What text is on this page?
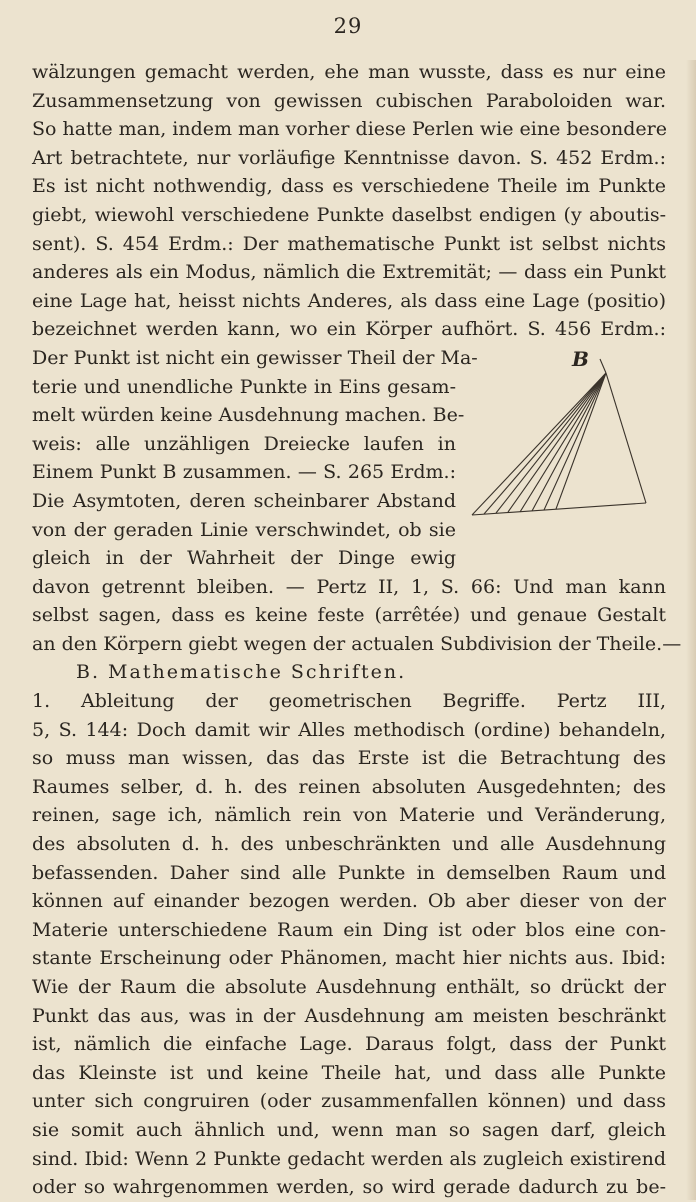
29
wälzungen gemacht werden, ehe man wusste, dass es nur eine
Zusammensetzung von gewissen cubischen Paraboloiden war.
So hatte man, indem man vorher diese Perlen wie eine besondere
Art betrachtete, nur vorläufige Kenntnisse davon. S. 452 Erdm.:
Es ist nicht nothwendig, dass es verschiedene Theile im Punkte
giebt, wiewohl verschiedene Punkte daselbst endigen (y aboutis-
sent). S. 454 Erdm.: Der mathematische Punkt ist selbst nichts
anderes als ein Modus, nämlich die Extremität; — dass ein Punkt
eine Lage hat, heisst nichts Anderes, als dass eine Lage (positio)
bezeichnet werden kann, wo ein Körper aufhört. S. 456 Erdm.:
Der Punkt ist nicht ein gewisser Theil der Ma-
terie und unendliche Punkte in Eins gesam-
melt würden keine Ausdehnung machen. Be-
weis: alle unzähligen Dreiecke laufen in
Einem Punkt B zusammen. — S. 265 Erdm.:
Die Asymtoten, deren scheinbarer Abstand
von der geraden Linie verschwindet, ob sie
gleich in der Wahrheit der Dinge ewig
davon getrennt bleiben. — Pertz II, 1, S. 66: Und man kann
selbst sagen, dass es keine feste (arrêtée) und genaue Gestalt
an den Körpern giebt wegen der actualen Subdivision der Theile.—
B. Mathematische Schriften.
1. Ableitung der geometrischen Begriffe. Pertz III,
5, S. 144: Doch damit wir Alles methodisch (ordine) behandeln,
so muss man wissen, das das Erste ist die Betrachtung des
Raumes selber, d. h. des reinen absoluten Ausgedehnten; des
reinen, sage ich, nämlich rein von Materie und Veränderung,
des absoluten d. h. des unbeschränkten und alle Ausdehnung
befassenden. Daher sind alle Punkte in demselben Raum und
können auf einander bezogen werden. Ob aber dieser von der
Materie unterschiedene Raum ein Ding ist oder blos eine con-
stante Erscheinung oder Phänomen, macht hier nichts aus. Ibid:
Wie der Raum die absolute Ausdehnung enthält, so drückt der
Punkt das aus, was in der Ausdehnung am meisten beschränkt
ist, nämlich die einfache Lage. Daraus folgt, dass der Punkt
das Kleinste ist und keine Theile hat, und dass alle Punkte
unter sich congruiren (oder zusammenfallen können) und dass
sie somit auch ähnlich und, wenn man so sagen darf, gleich
sind. Ibid: Wenn 2 Punkte gedacht werden als zugleich existirend
oder so wahrgenommen werden, so wird gerade dadurch zu be-
B
